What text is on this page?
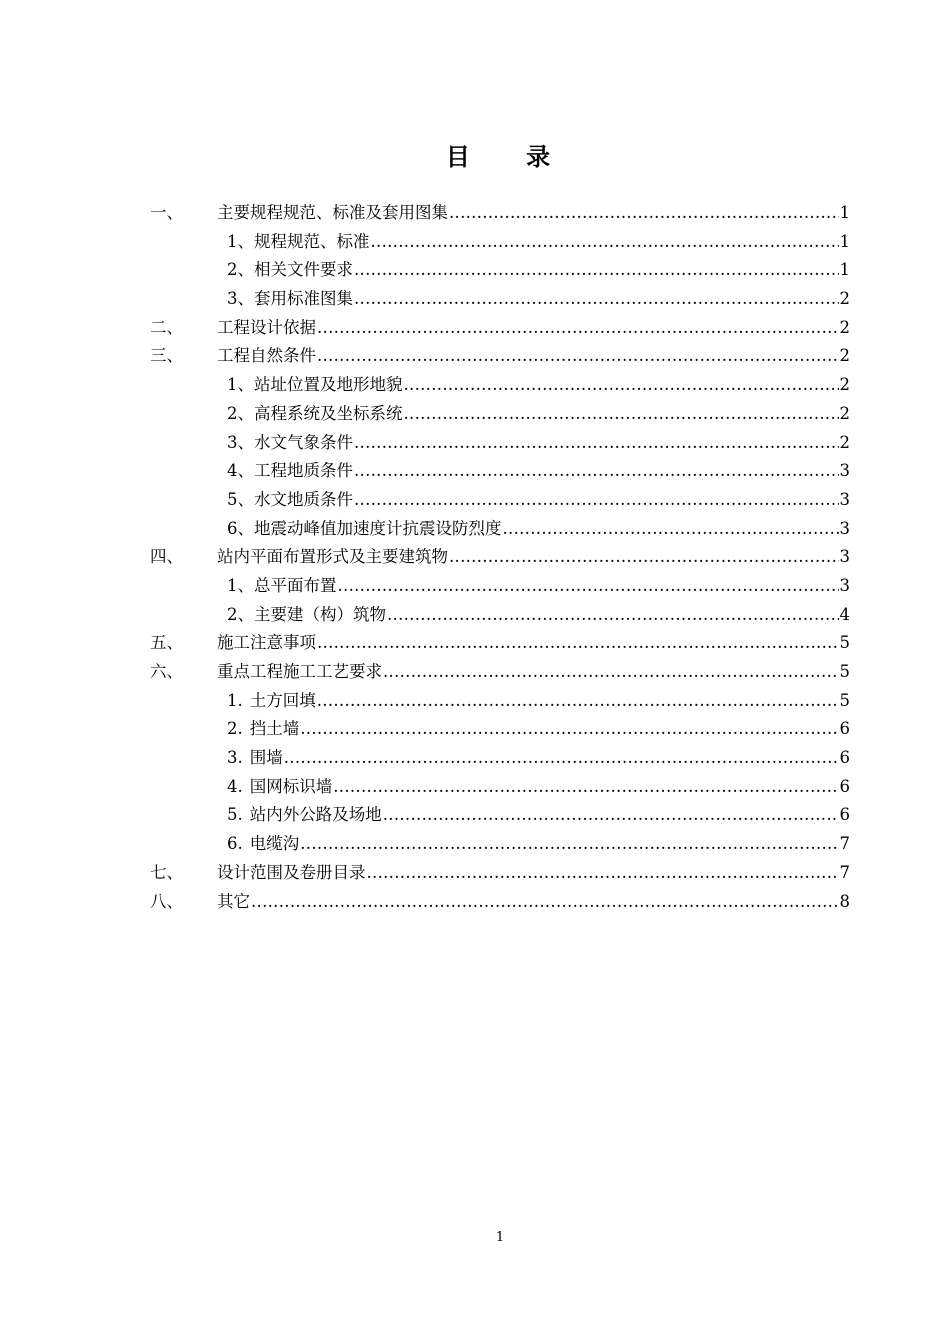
目 录
一、	主要规程规范、标准及套用图集 .....	1
1、 规程规范、标准 .....	1
2、 相关文件要求 .....	1
3、 套用标准图集 .....	2
二、	工程设计依据 .....	2
三、	工程自然条件 .....	2
1、 站址位置及地形地貌 .....	2
2、 高程系统及坐标系统 .....	2
3、 水文气象条件 .....	2
4、 工程地质条件 .....	3
5、 水文地质条件 .....	3
6、 地震动峰值加速度计抗震设防烈度 .....	3
四、	站内平面布置形式及主要建筑物 .....	3
1、 总平面布置 .....	3
2、 主要建（构）筑物 .....	4
五、	施工注意事项 .....	5
六、	重点工程施工工艺要求 .....	5
1. 土方回填 .....	5
2. 挡土墙 .....	6
3. 围墙 .....	6
4. 国网标识墙 .....	6
5. 站内外公路及场地 .....	6
6. 电缆沟 .....	7
七、	设计范围及卷册目录 .....	7
八、	其它 .....	8
1
